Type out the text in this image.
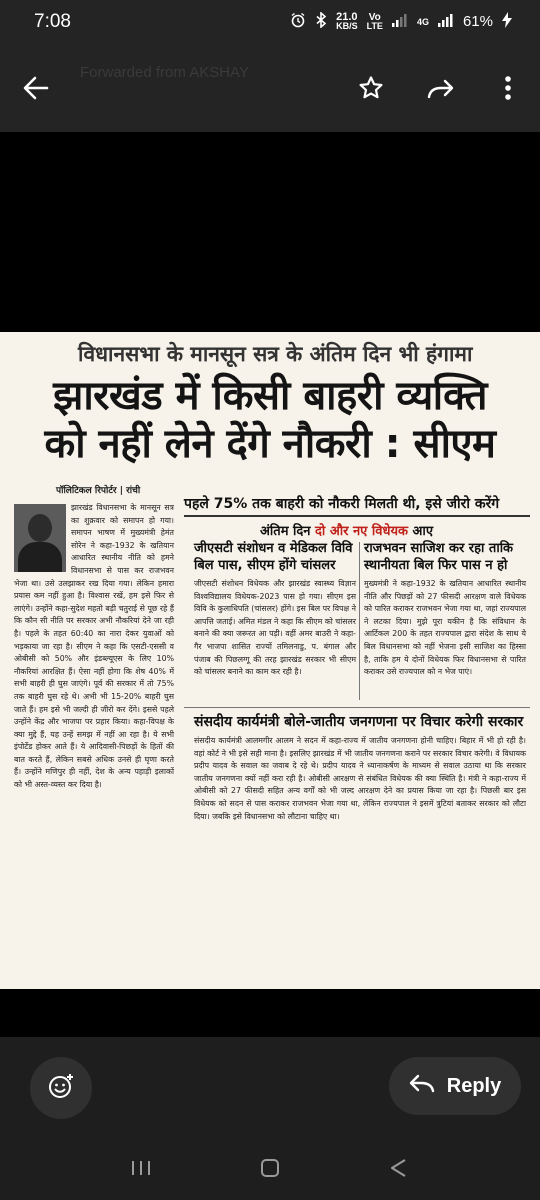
7:08	21.0
KB/S
Vo
LTE	4G 61%
Forwarded from AKSHAY
विधानसभा के मानसून सत्र के अंतिम दिन भी हंगामा
झारखंड में किसी बाहरी व्यक्ति
को नहीं लेने देंगे नौकरी : सीएम
पॉलिटिकल रिपोर्टर | रांची
झारखंड विधानसभा के मानसून सत्र का शुक्रवार को समापन हो गया। समापन भाषण में मुख्यमंत्री हेमंत सोरेन ने कहा-1932 के खतियान आधारित स्थानीय नीति को हमने विधानसभा से पास कर राजभवन भेजा था। उसे उलझाकर रख दिया गया। लेकिन हमारा प्रयास कम नहीं हुआ है। विश्वास रखें, हम इसे फिर से लाएंगे। उन्होंने कहा-सुदेश महतो बड़ी चतुराई से पूछ रहे हैं कि कौन सी नीति पर सरकार अभी नौकरियां देने जा रही है। पहले के तहत 60:40 का नारा देकर युवाओं को भड़काया जा रहा है। सीएम ने कहा कि एसटी-एससी व ओबीसी को 50% और इंडब्ल्यूएस के लिए 10% नौकरियां आरक्षित हैं। ऐसा नहीं होगा कि शेष 40% में सभी बाहरी ही घुस जाएंगे। पूर्व की सरकार में तो 75% तक बाहरी घुस रहे थे। अभी भी 15-20% बाहरी घुस जाते हैं। हम इसे भी जल्दी ही जीरो कर देंगे। इससे पहले उन्होंने केंद्र और भाजपा पर प्रहार किया। कहा-विपक्ष के क्या मुद्दे हैं, यह उन्हें समझ में नहीं आ रहा है। ये सभी इंपोर्टेड होकर आते हैं। ये आदिवासी-पिछड़ों के हितों की बात करते हैं, लेकिन सबसे अधिक उनसे ही घृणा करते हैं। उन्होंने मणिपुर ही नहीं, देश के अन्य पहाड़ी इलाकों को भी अस्त-व्यस्त कर दिया है।
पहले 75% तक बाहरी को नौकरी मिलती थी, इसे जीरो करेंगे
अंतिम दिन दो और नए विधेयक आए
जीएसटी संशोधन व मेडिकल विवि बिल पास, सीएम होंगे चांसलर
जीएसटी संशोधन विधेयक और झारखंड स्वास्थ्य विज्ञान विश्वविद्यालय विधेयक-2023 पास हो गया। सीएम इस विवि के कुलाधिपति (चांसलर) होंगे। इस बिल पर विपक्ष ने आपत्ति जताई। अमित मंडल ने कहा कि सीएम को चांसलर बनाने की क्या जरूरत आ पड़ी। वहीं अमर बाउरी ने कहा-गैर भाजपा शासित राज्यों तमिलनाडु, प. बंगाल और पंजाब की पिछलग्गू की तरह झारखंड सरकार भी सीएम को चांसलर बनाने का काम कर रही है।
राजभवन साजिश कर रहा ताकि स्थानीयता बिल फिर पास न हो
मुख्यमंत्री ने कहा-1932 के खतियान आधारित स्थानीय नीति और पिछड़ों को 27 फीसदी आरक्षण वाले विधेयक को पारित कराकर राजभवन भेजा गया था, जहां राज्यपाल ने लटका दिया। मुझे पूरा यकीन है कि संविधान के आर्टिकल 200 के तहत राज्यपाल द्वारा संदेश के साथ ये बिल विधानसभा को नहीं भेजना इसी साजिश का हिस्सा है, ताकि हम ये दोनों विधेयक फिर विधानसभा से पारित कराकर उसे राज्यपाल को न भेज पाएं।
संसदीय कार्यमंत्री बोले-जातीय जनगणना पर विचार करेगी सरकार
संसदीय कार्यमंत्री आलमगीर आलम ने सदन में कहा-राज्य में जातीय जनगणना होनी चाहिए। बिहार में भी हो रही है। वहां कोर्ट ने भी इसे सही माना है। इसलिए झारखंड में भी जातीय जनगणना कराने पर सरकार विचार करेगी। वे विधायक प्रदीप यादव के सवाल का जवाब दे रहे थे। प्रदीप यादव ने ध्यानाकर्षण के माध्यम से सवाल उठाया था कि सरकार जातीय जनगणना क्यों नहीं करा रही है। ओबीसी आरक्षण से संबंधित विधेयक की क्या स्थिति है। मंत्री ने कहा-राज्य में ओबीसी को 27 फीसदी सहित अन्य वर्गों को भी जल्द आरक्षण देने का प्रयास किया जा रहा है। पिछली बार इस विधेयक को सदन से पास कराकर राजभवन भेजा गया था, लेकिन राज्यपाल ने इसमें त्रुटियां बताकर सरकार को लौटा दिया। जबकि इसे विधानसभा को लौटाना चाहिए था।
Reply
